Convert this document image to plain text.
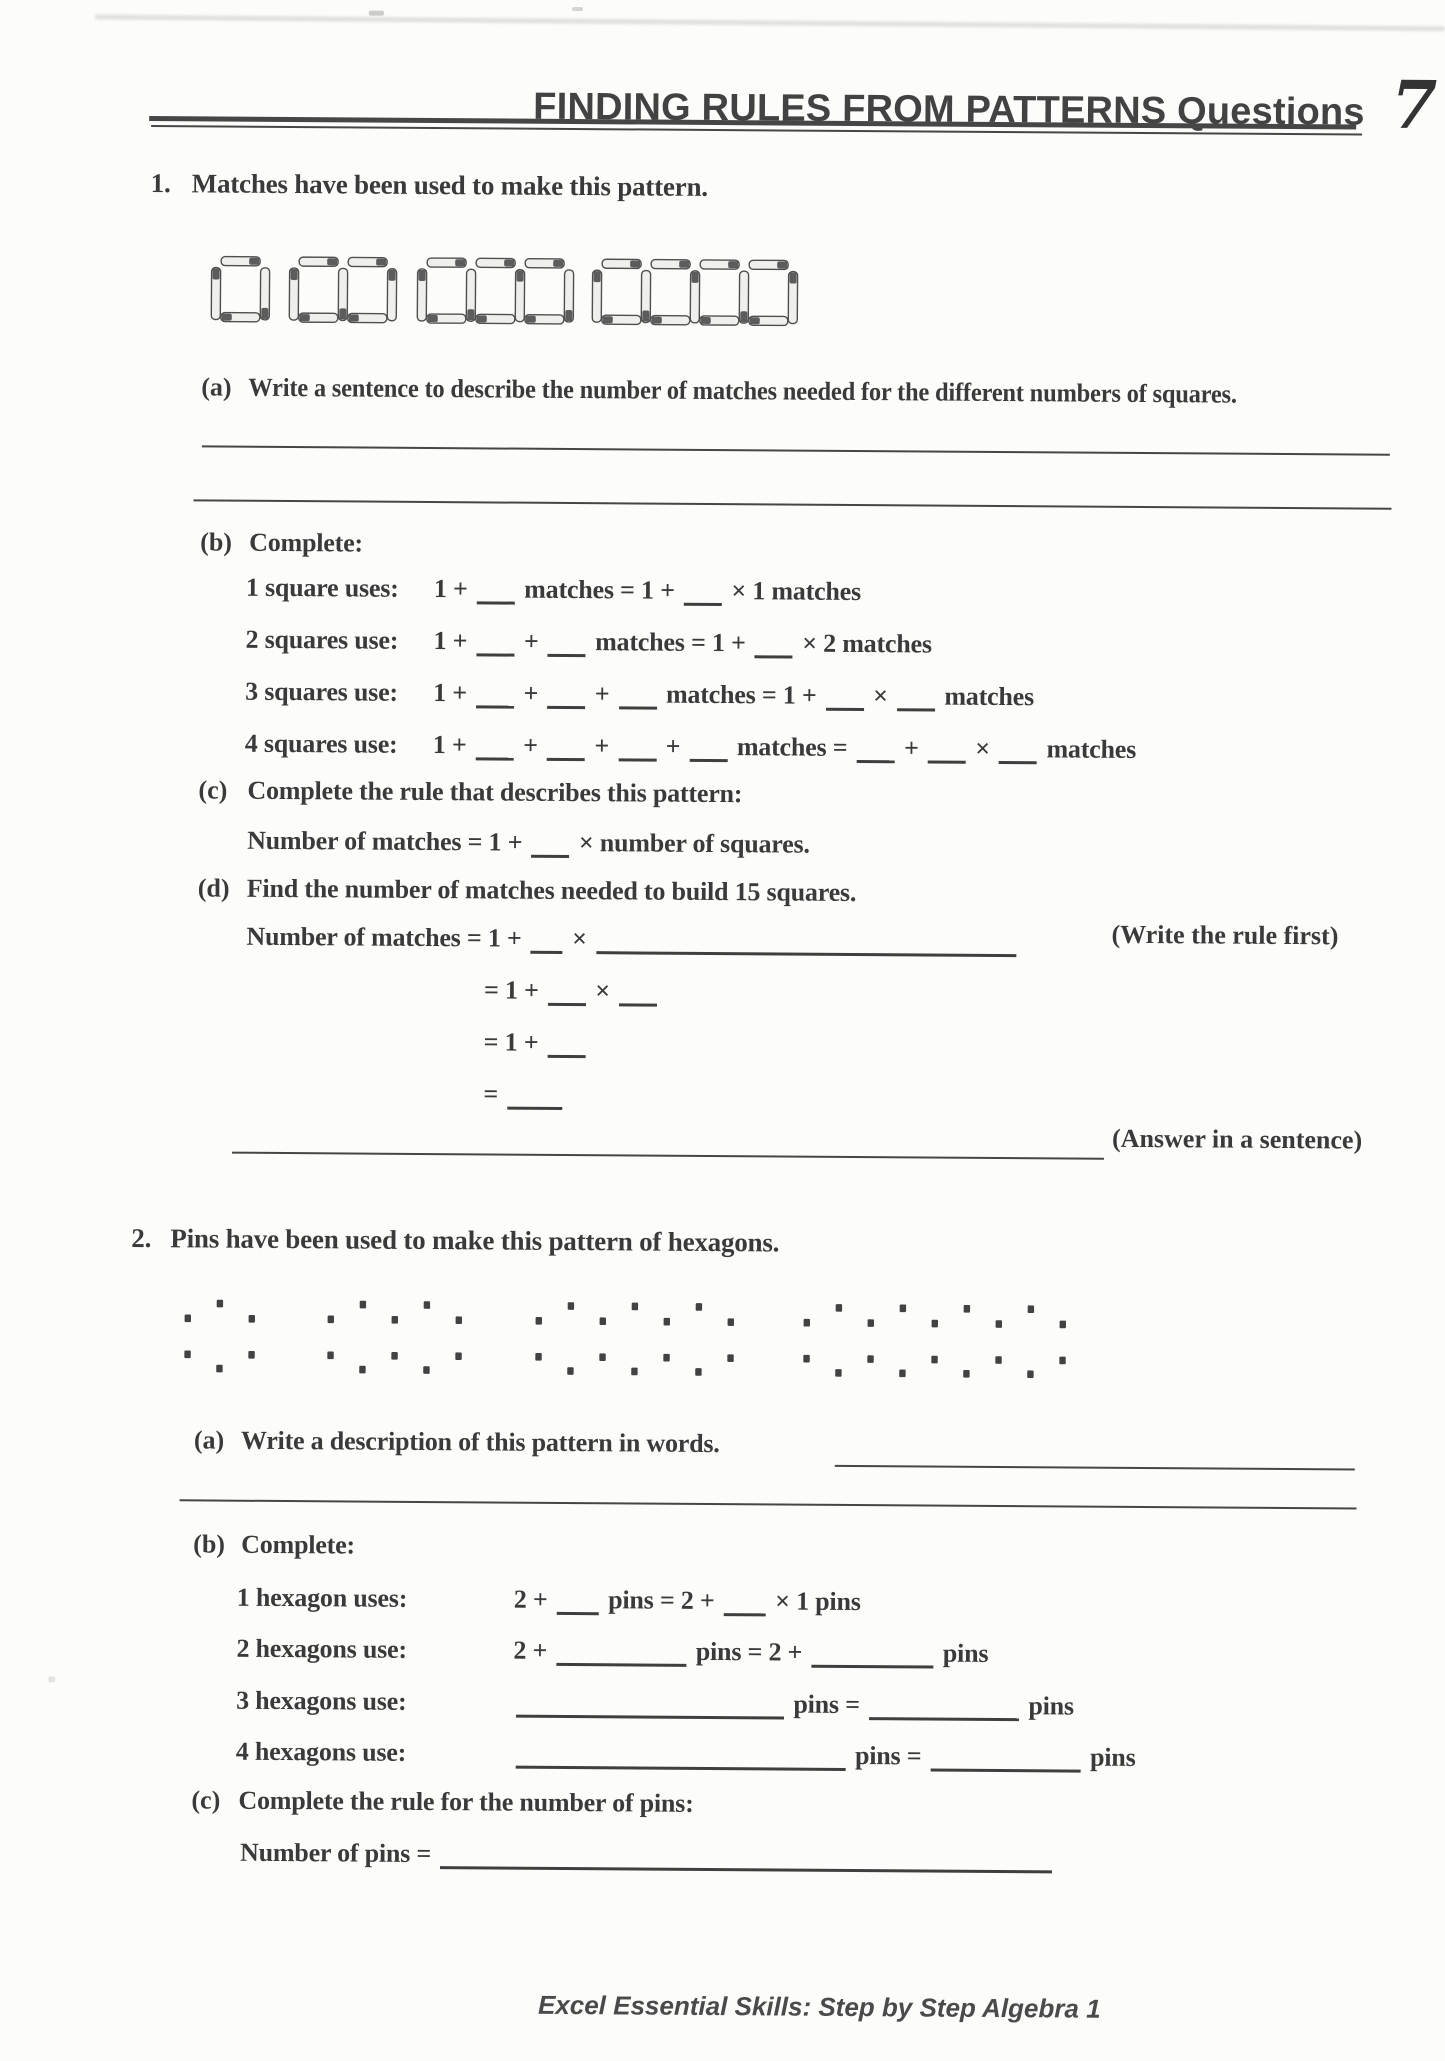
FINDING RULES FROM PATTERNS Questions 7
1. Matches have been used to make this pattern.
(a) Write a sentence to describe the number of matches needed for the different numbers of squares.
(b) Complete:
1 square uses: 1 + matches = 1 + × 1 matches
2 squares use: 1 + + matches = 1 + × 2 matches
3 squares use: 1 + + + matches = 1 + × matches
4 squares use: 1 + + + + matches = + × matches
(c) Complete the rule that describes this pattern:
Number of matches = 1 + × number of squares.
(d) Find the number of matches needed to build 15 squares.
Number of matches = 1 + ×	(Write the rule first)
= 1 + ×
= 1 +
=
(Answer in a sentence)
2. Pins have been used to make this pattern of hexagons.
(a) Write a description of this pattern in words.
(b) Complete:
1 hexagon uses:	2 + pins = 2 + × 1 pins
2 hexagons use:	2 +	pins = 2 +	pins
3 hexagons use:	pins =	pins
4 hexagons use:	pins =	pins
(c) Complete the rule for the number of pins:
Number of pins =
Excel Essential Skills: Step by Step Algebra 1
